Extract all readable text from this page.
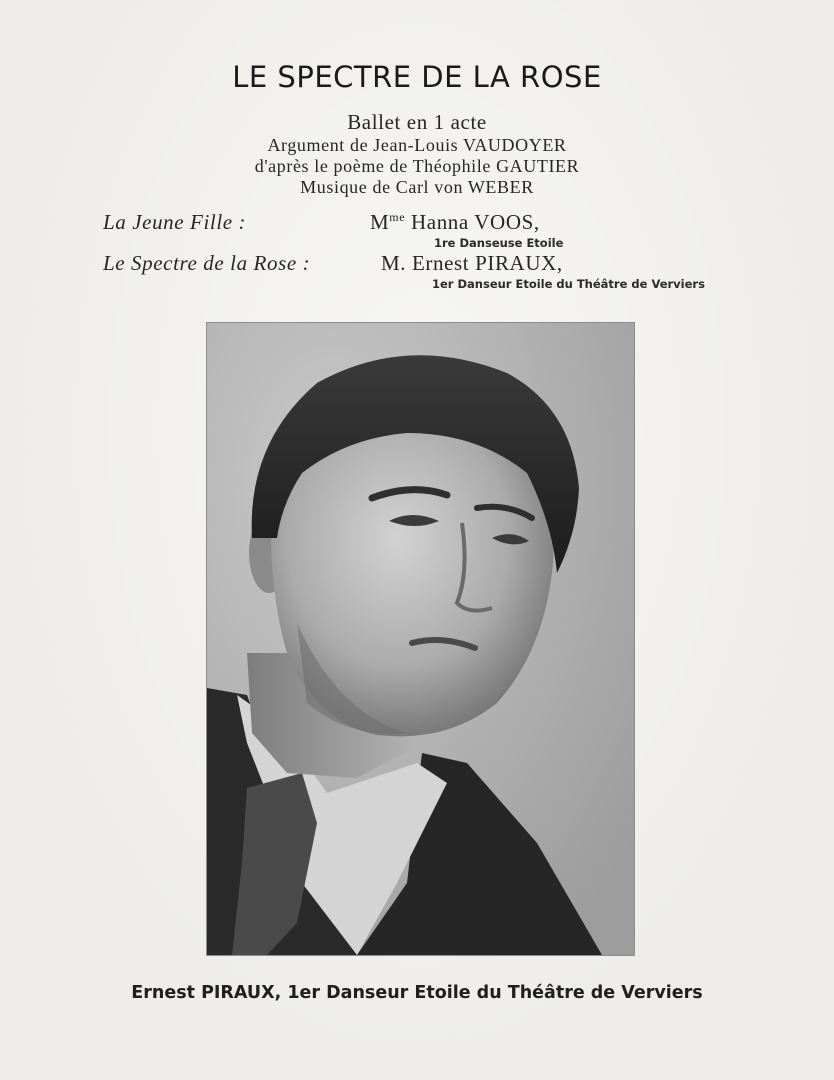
LE SPECTRE DE LA ROSE
Ballet en 1 acte
Argument de Jean-Louis VAUDOYER
d'après le poème de Théophile GAUTIER
Musique de Carl von WEBER
La Jeune Fille :	$M^{me}$ Hanna VOOS,
1re Danseuse Etoile
Le Spectre de la Rose :	M. Ernest PIRAUX,
1er Danseur Etoile du Théâtre de Verviers
Ernest PIRAUX, 1er Danseur Etoile du Théâtre de Verviers
